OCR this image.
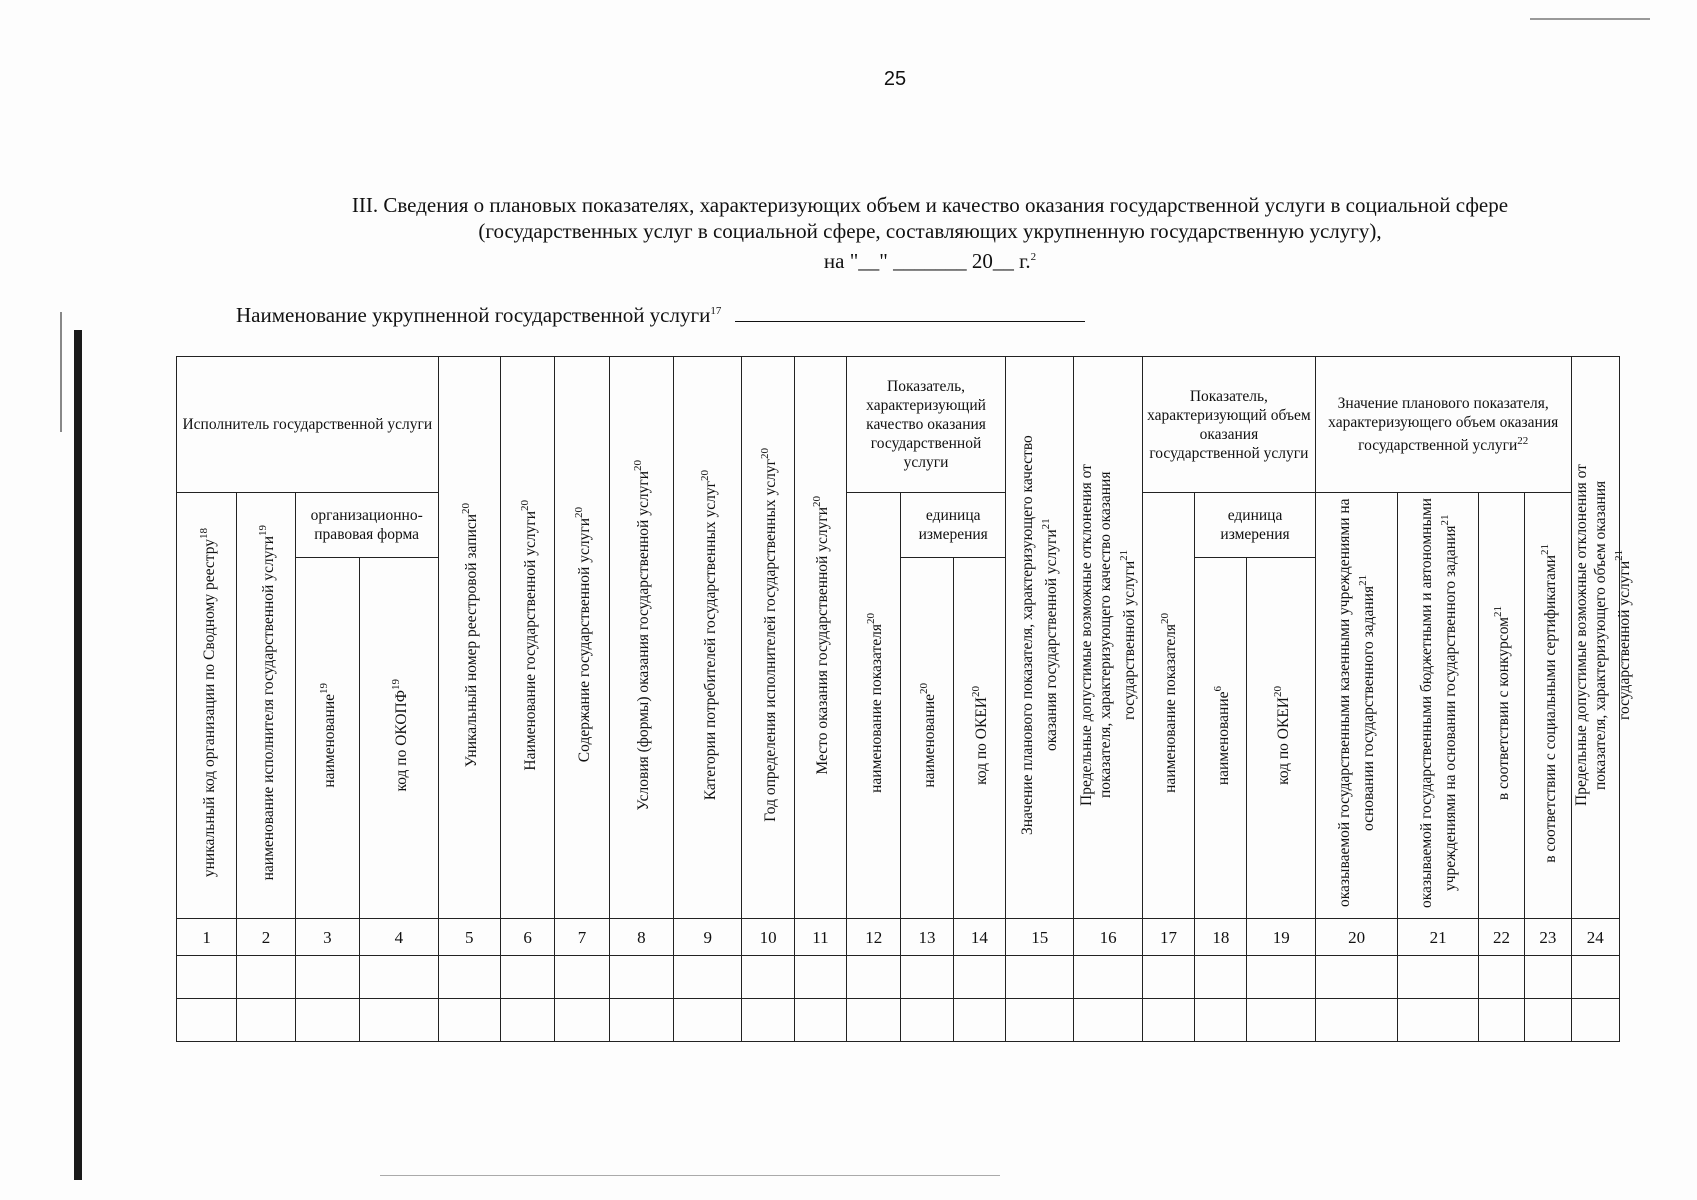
25
III. Сведения о плановых показателях, характеризующих объем и качество оказания государственной услуги в социальной сфере
(государственных услуг в социальной сфере, составляющих укрупненную государственную услугу),
на "__" _______ 20__ г.$^2$
Наименование укрупненной государственной услуги$^{17}$
Исполнитель государственной услуги				Уникальный номер реестровой записи$^{20}$	Наименование государственной услуги$^{20}$	Содержание государственной услуги$^{20}$	Условия (формы) оказания государственной услуги$^{20}$	Категории потребителей государственных услуг$^{20}$	Год определения исполнителей государственных услуг$^{20}$	Место оказания государственной услуги$^{20}$	Показатель, характеризующий качество оказания государственной услуги			Значение планового показателя, характеризующего качество оказания государственной услуги$^{21}$	Предельные допустимые возможные отклонения от показателя, характеризующего качество оказания государственной услуги$^{21}$	Показатель, характеризующий объем оказания государственной услуги			Значение планового показателя, характеризующего объем оказания государственной услуги$^{22}$				Предельные допустимые возможные отклонения от показателя, характеризующего объем оказания государственной услуги$^{21}$
уникальный код организации по Сводному реестру$^{18}$	наименование исполнителя государственной услуги$^{19}$	организационно-правовая форма									наименование показателя$^{20}$	единица измерения				наименование показателя$^{20}$	единица измерения		оказываемой государственными казенными учреждениями на основании государственного задания$^{21}$	оказываемой государственными бюджетными и автономными учреждениями на основании государственного задания$^{21}$	в соответствии с конкурсом$^{21}$	в соответствии с социальными сертификатами$^{21}$
		наименование$^{19}$	код по ОКОПФ$^{19}$									наименование$^{20}$	код по ОКЕИ$^{20}$				наименование$^6$	код по ОКЕИ$^{20}$
1	2	3	4	5	6	7	8	9	10	11	12	13	14	15	16	17	18	19	20	21	22	23	24
